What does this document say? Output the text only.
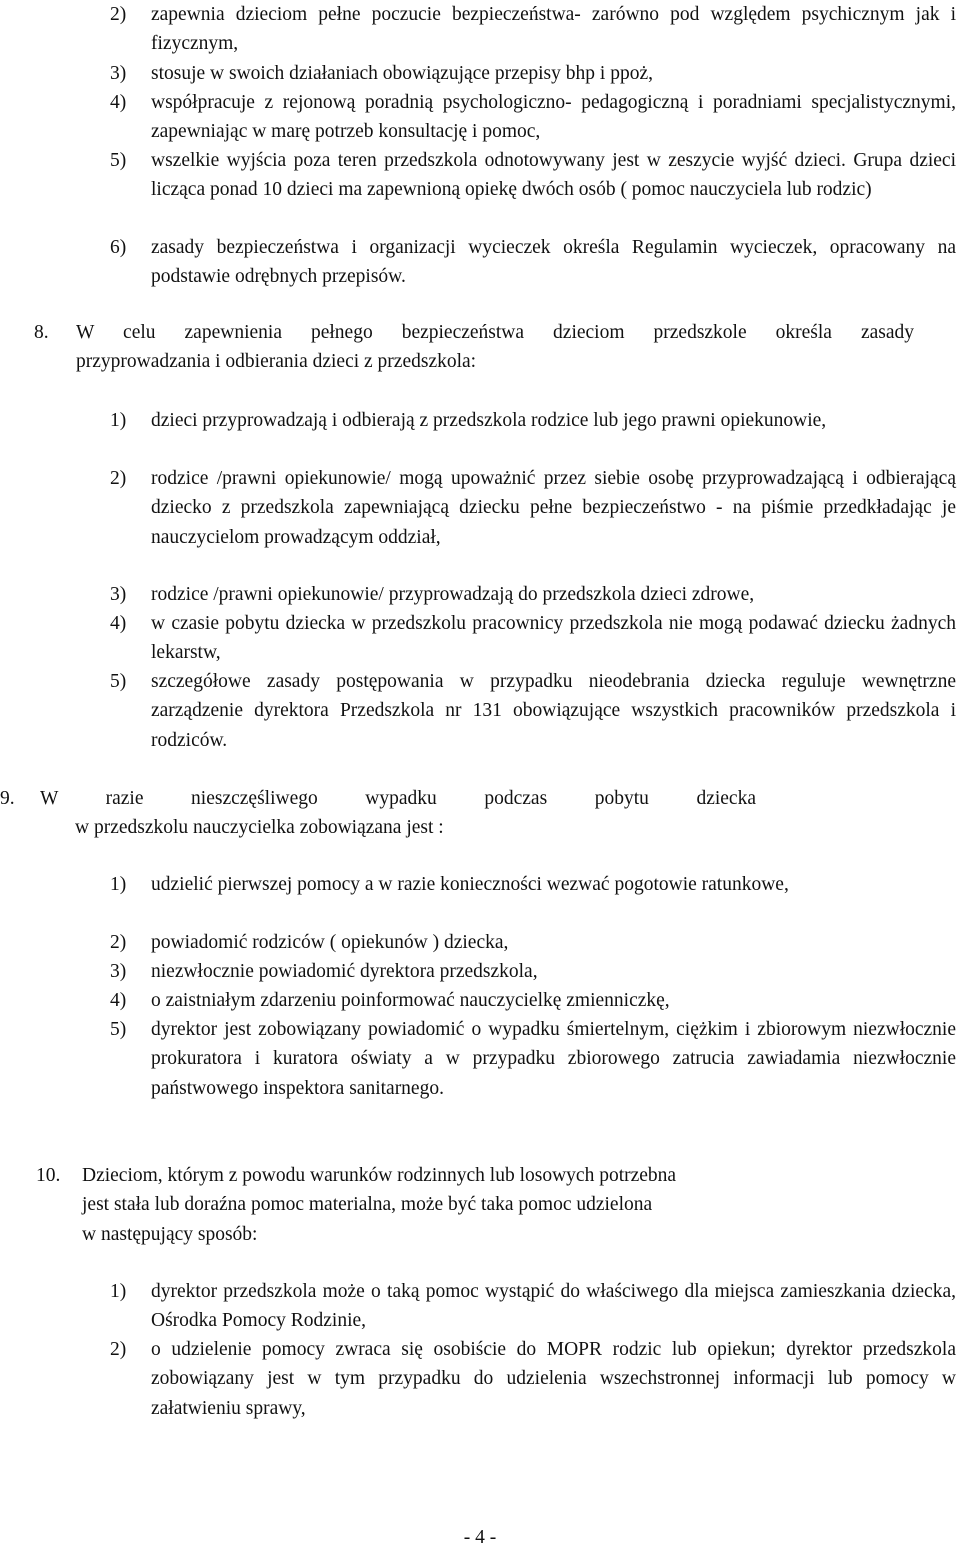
2) zapewnia dzieciom pełne poczucie bezpieczeństwa- zarówno pod względem psychicznym jak i fizycznym,
3) stosuje w swoich działaniach obowiązujące przepisy bhp i ppoż,
4) współpracuje z rejonową poradnią psychologiczno- pedagogiczną i poradniami specjalistycznymi, zapewniając w marę potrzeb konsultację i pomoc,
5) wszelkie wyjścia poza teren przedszkola odnotowywany jest w zeszycie wyjść dzieci. Grupa dzieci licząca ponad 10 dzieci ma zapewnioną opiekę dwóch osób ( pomoc nauczyciela lub rodzic)
6) zasady bezpieczeństwa i organizacji wycieczek określa Regulamin wycieczek, opracowany na podstawie odrębnych przepisów.
8. W celu zapewnienia pełnego bezpieczeństwa dzieciom przedszkole określa zasady
przyprowadzania i odbierania dzieci z przedszkola:
1) dzieci przyprowadzają i odbierają z przedszkola rodzice lub jego prawni opiekunowie,
2) rodzice /prawni opiekunowie/ mogą upoważnić przez siebie osobę przyprowadzającą i odbierającą dziecko z przedszkola zapewniającą dziecku pełne bezpieczeństwo - na piśmie przedkładając je nauczycielom prowadzącym oddział,
3) rodzice /prawni opiekunowie/ przyprowadzają do przedszkola dzieci zdrowe,
4) w czasie pobytu dziecka w przedszkolu pracownicy przedszkola nie mogą podawać dziecku żadnych lekarstw,
5) szczegółowe zasady postępowania w przypadku nieodebrania dziecka reguluje wewnętrzne zarządzenie dyrektora Przedszkola nr 131 obowiązujące wszystkich pracowników przedszkola i rodziców.
9. W razie nieszczęśliwego wypadku podczas pobytu dziecka
w przedszkolu nauczycielka zobowiązana jest :
1) udzielić pierwszej pomocy a w razie konieczności wezwać pogotowie ratunkowe,
2) powiadomić rodziców ( opiekunów ) dziecka,
3) niezwłocznie powiadomić dyrektora przedszkola,
4) o zaistniałym zdarzeniu poinformować nauczycielkę zmienniczkę,
5) dyrektor jest zobowiązany powiadomić o wypadku śmiertelnym, ciężkim i zbiorowym niezwłocznie prokuratora i kuratora oświaty a w przypadku zbiorowego zatrucia zawiadamia niezwłocznie państwowego inspektora sanitarnego.
10. Dzieciom, którym z powodu warunków rodzinnych lub losowych potrzebna
jest stała lub doraźna pomoc materialna, może być taka pomoc udzielona
w następujący sposób:
1) dyrektor przedszkola może o taką pomoc wystąpić do właściwego dla miejsca zamieszkania dziecka, Ośrodka Pomocy Rodzinie,
2) o udzielenie pomocy zwraca się osobiście do MOPR rodzic lub opiekun; dyrektor przedszkola zobowiązany jest w tym przypadku do udzielenia wszechstronnej informacji lub pomocy w załatwieniu sprawy,
- 4 -
